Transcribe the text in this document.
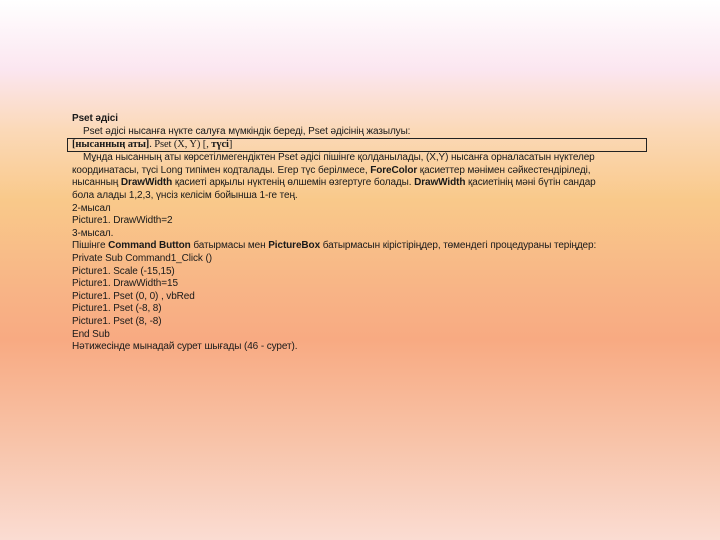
Pset әдісі
Pset әдісі нысанға нүкте салуға мүмкіндік береді, Pset әдісінің жазылуы:
[нысанның аты]. Pset (X, Y) [, түсі]
Мұнда нысанның аты көрсетілмегендіктен Pset әдісі пішінге қолданылады, (X,Y) нысанға орналасатын нүктелер
координатасы, түсі Long типімен кодталады. Егер түс берілмесе, ForeColor қасиеттер мәнімен сәйкестендіріледі,
нысанның DrawWidth қасиеті арқылы нүктенің өлшемін өзгертуге болады. DrawWidth қасиетінің мәні бүтін сандар
бола алады 1,2,3, үнсіз келісім бойынша 1-ге тең.
2-мысал
Picture1. DrawWidth=2
3-мысал.
Пішінге Command Button батырмасы мен PictureBox батырмасын кірістіріңдер, төмендегі процедураны теріңдер:
Private Sub Command1_Click ()
Picture1. Scale (-15,15)
Picture1. DrawWidth=15
Picture1. Pset (0, 0) , vbRed
Picture1. Pset (-8, 8)
Picture1. Pset (8, -8)
End Sub
Нәтижесінде мынадай сурет шығады (46 - сурет).
